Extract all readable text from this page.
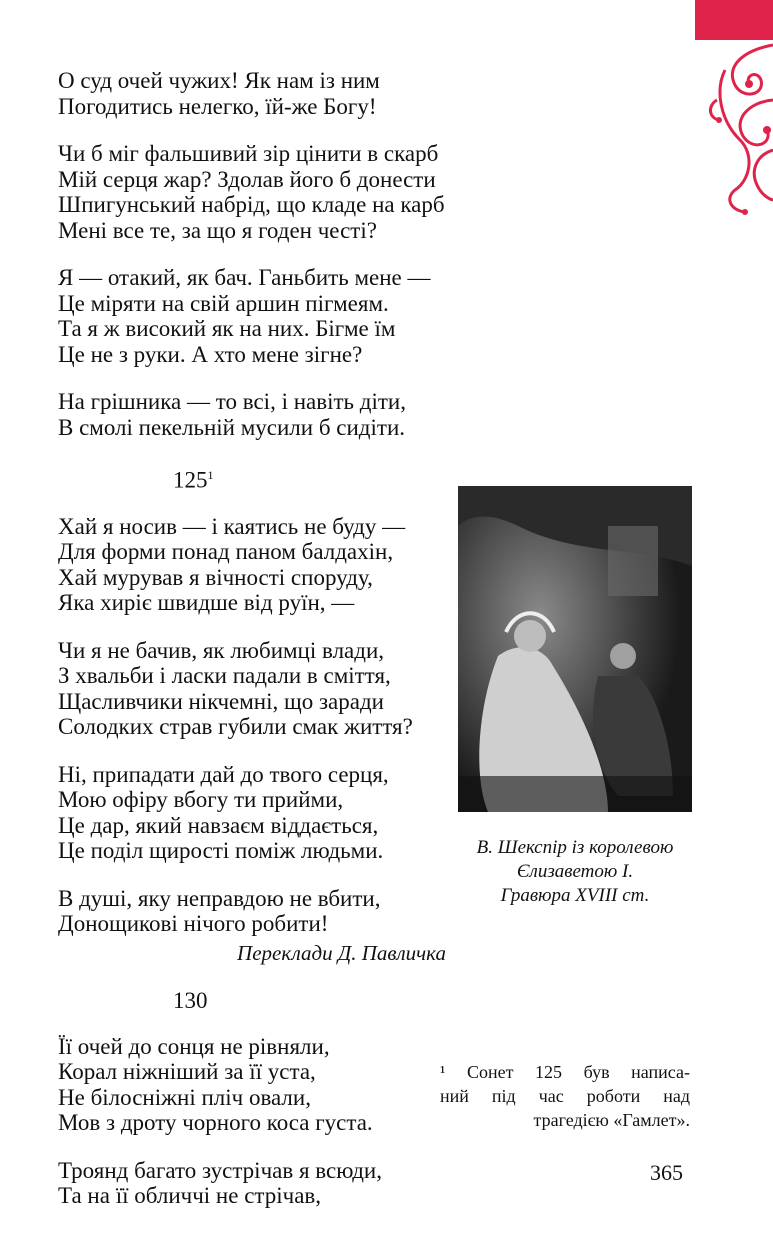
О суд очей чужих! Як нам із ним
Погодитись нелегко, їй-же Богу!
Чи б міг фальшивий зір цінити в скарб
Мій серця жар? Здолав його б донести
Шпигунський набрід, що кладе на карб
Мені все те, за що я годен честі?
Я — отакий, як бач. Ганьбить мене —
Це міряти на свій аршин пігмеям.
Та я ж високий як на них. Бігме їм
Це не з руки. А хто мене зігне?
На грішника — то всі, і навіть діти,
В смолі пекельній мусили б сидіти.
$125^1$
Хай я носив — і каятись не буду —
Для форми понад паном балдахін,
Хай мурував я вічності споруду,
Яка хиріє швидше від руїн, —
Чи я не бачив, як любимці влади,
З хвальби і ласки падали в сміття,
Щасливчики нікчемні, що заради
Солодких страв губили смак життя?
Ні, припадати дай до твого серця,
Мою офіру вбогу ти прийми,
Це дар, який навзаєм віддається,
Це поділ щирості поміж людьми.
В душі, яку неправдою не вбити,
Донощикові нічого робити!
Переклади Д. Павличка
130
Її очей до сонця не рівняли,
Корал ніжніший за її уста,
Не білосніжні пліч овали,
Мов з дроту чорного коса густа.
Троянд багато зустрічав я всюди,
Та на її обличчі не стрічав,
В. Шекспір із королевою
Єлизаветою І.
Гравюра XVIII ст.
¹ Сонет 125 був написа-
ний під час роботи над
трагедією «Гамлет».
365
